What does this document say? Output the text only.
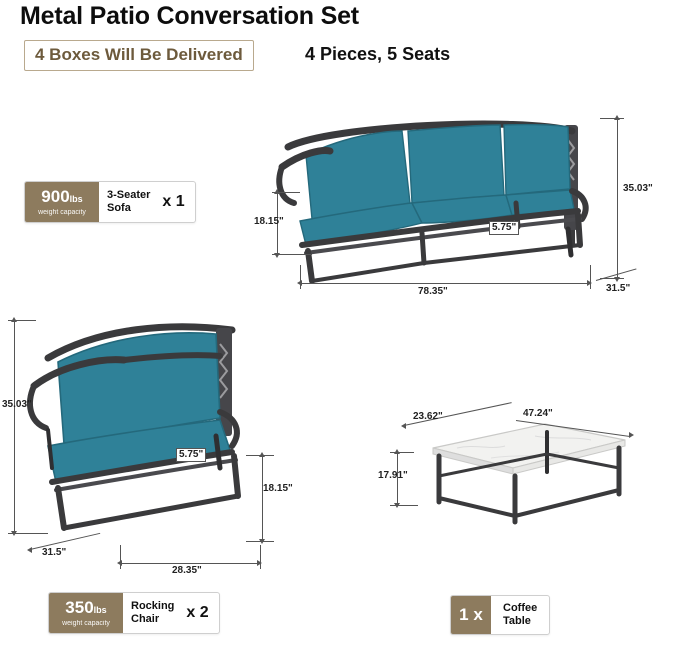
Metal Patio Conversation Set
4 Boxes Will Be Delivered	4 Pieces, 5 Seats
35.03"
18.15"
78.35"	31.5"
5.75"
900lbs
weight capacity
3-Seater
Sofa	x 1
35.03"
18.15"
28.35"
31.5"
5.75"
350lbs
weight capacity
Rocking
Chair	x 2
23.62"	47.24"
17.91"
1 x	Coffee
Table
